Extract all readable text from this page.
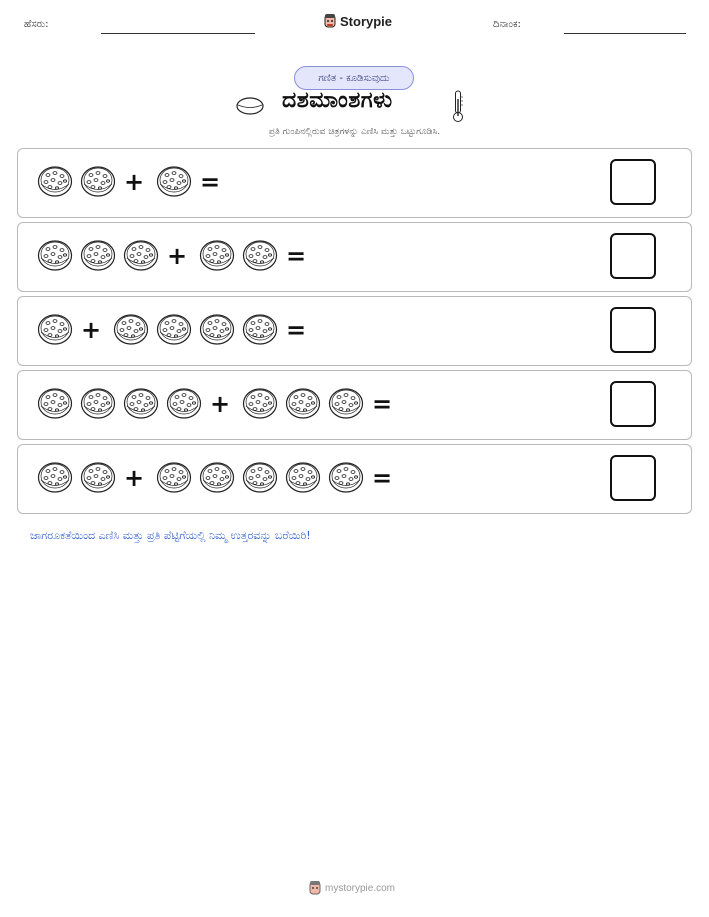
ಹೆಸರು:	Storypie	ದಿನಾಂಕ:
ಗಣಿತ - ಕೂಡಿಸುವುದು
ದಶಮಾಂಶಗಳು
ಪ್ರತಿ ಗುಂಪಿನಲ್ಲಿರುವ ಚಿತ್ರಗಳನ್ನು ಎಣಿಸಿ ಮತ್ತು ಒಟ್ಟುಗೂಡಿಸಿ.
+ =
+	=
+	=
+	=
+	=
ಜಾಗರೂಕತೆಯಿಂದ ಎಣಿಸಿ ಮತ್ತು ಪ್ರತಿ ಪೆಟ್ಟಿಗೆಯಲ್ಲಿ ನಿಮ್ಮ ಉತ್ತರವನ್ನು ಬರೆಯಿರಿ!
mystorypie.com
